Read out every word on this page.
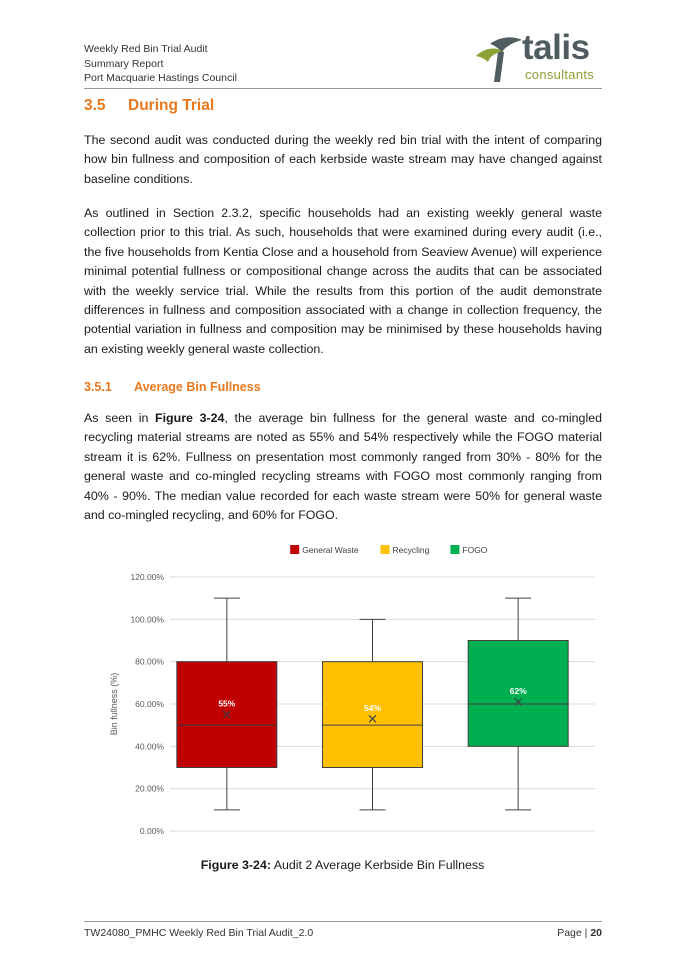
Weekly Red Bin Trial Audit
Summary Report
Port Macquarie Hastings Council
talis
consultants
3.5 During Trial
The second audit was conducted during the weekly red bin trial with the intent of comparing how bin fullness and composition of each kerbside waste stream may have changed against baseline conditions.
As outlined in Section 2.3.2, specific households had an existing weekly general waste collection prior to this trial. As such, households that were examined during every audit (i.e., the five households from Kentia Close and a household from Seaview Avenue) will experience minimal potential fullness or compositional change across the audits that can be associated with the weekly service trial. While the results from this portion of the audit demonstrate differences in fullness and composition associated with a change in collection frequency, the potential variation in fullness and composition may be minimised by these households having an existing weekly general waste collection.
3.5.1 Average Bin Fullness
As seen in Figure 3-24, the average bin fullness for the general waste and co-mingled recycling material streams are noted as 55% and 54% respectively while the FOGO material stream it is 62%. Fullness on presentation most commonly ranged from 30% - 80% for the general waste and co-mingled recycling streams with FOGO most commonly ranging from 40% - 90%. The median value recorded for each waste stream were 50% for general waste and co-mingled recycling, and 60% for FOGO.
0.00%
20.00%
40.00%
60.00%
80.00%
100.00%
120.00%
Bin fullness (%)
General Waste	Recycling	FOGO
55%	54%
62%
Figure 3-24: Audit 2 Average Kerbside Bin Fullness
TW24080_PMHC Weekly Red Bin Trial Audit_2.0	Page | 20
